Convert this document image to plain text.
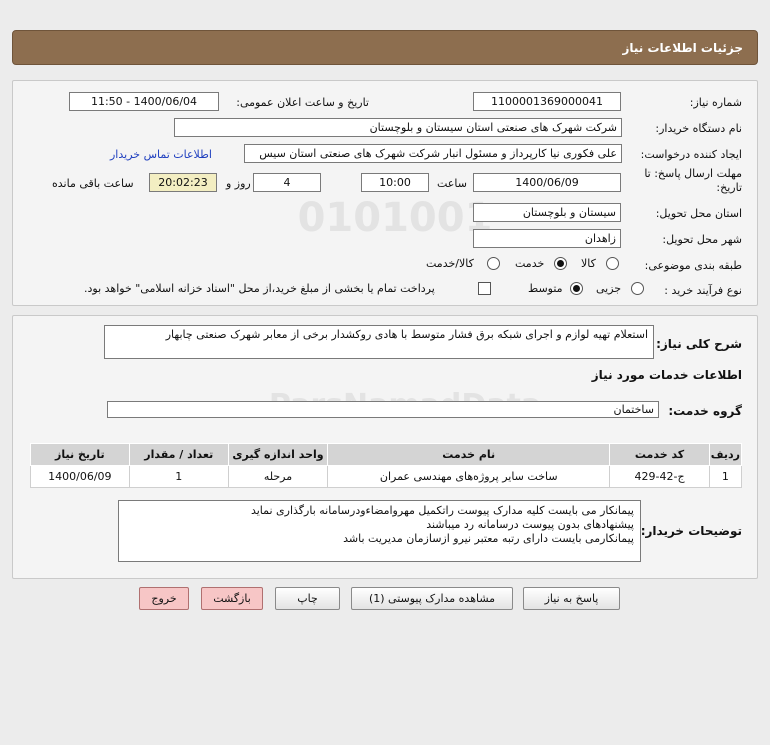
جزئیات اطلاعات نیاز
شماره نیاز:
1100001369000041
تاریخ و ساعت اعلان عمومی:
1400/06/04 - 11:50
نام دستگاه خریدار:
شرکت شهرک های صنعتی استان سیستان و بلوچستان
ایجاد کننده درخواست:
علی فکوری نیا کارپرداز و مسئول انبار شرکت شهرک های صنعتی استان سیس
اطلاعات تماس خریدار
مهلت ارسال پاسخ: تا تاریخ:
1400/06/09
ساعت
10:00
4
روز و
20:02:23
ساعت باقی مانده
استان محل تحویل:
سیستان و بلوچستان
شهر محل تحویل:
زاهدان
طبقه بندی موضوعی:
کالا
خدمت
کالا/خدمت
نوع فرآیند خرید :
جزیی
متوسط
پرداخت تمام یا بخشی از مبلغ خرید،از محل "اسناد خزانه اسلامی" خواهد بود.
شرح کلی نیاز:
استعلام تهیه لوازم و اجرای شبکه برق فشار متوسط با هادی روکشدار برخی از معابر شهرک صنعتی چابهار
اطلاعات خدمات مورد نیاز
گروه خدمت:
ساختمان
ردیف	کد خدمت	نام خدمت	واحد اندازه گیری	تعداد / مقدار	تاریخ نیاز
1	ج-42-429	ساخت سایر پروژه‌های مهندسی عمران	مرحله	1	1400/06/09
توضیحات خریدار:
پیمانکار می بایست کلیه مدارک پیوست راتکمیل مهروامضاءودرسامانه بارگذاری نماید
پیشنهادهای بدون پیوست درسامانه رد میباشند
پیمانکارمی بایست دارای رتبه معتبر نیرو ازسازمان مدیریت باشد
پاسخ به نیاز
مشاهده مدارک پیوستی (1)
چاپ
بازگشت
خروج
